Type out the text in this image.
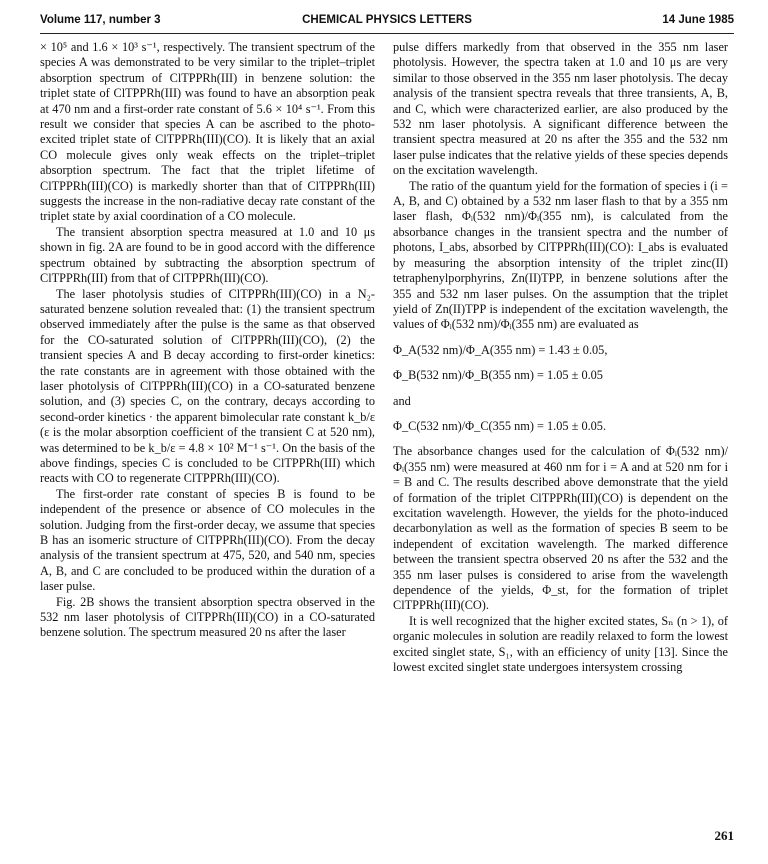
Volume 117, number 3	CHEMICAL PHYSICS LETTERS	14 June 1985

× 10⁵ and 1.6 × 10³ s⁻¹, respectively. The transient spectrum of the species A was demonstrated to be very similar to the triplet–triplet absorption spectrum of ClTPPRh(III) in benzene solution: the triplet state of ClTPPRh(III) was found to have an absorption peak at 470 nm and a first-order rate constant of 5.6 × 10⁴ s⁻¹. From this result we consider that species A can be ascribed to the photo-excited triplet state of ClTPPRh(III)(CO). It is likely that an axial CO molecule gives only weak effects on the triplet–triplet absorption spectrum. The fact that the triplet lifetime of ClTPPRh(III)(CO) is markedly shorter than that of ClTPPRh(III) suggests the increase in the non-radiative decay rate constant of the triplet state by axial coordination of a CO molecule.

The transient absorption spectra measured at 1.0 and 10 μs shown in fig. 2A are found to be in good accord with the difference spectrum obtained by subtracting the absorption spectrum of ClTPPRh(III) from that of ClTPPRh(III)(CO).

The laser photolysis studies of ClTPPRh(III)(CO) in a N₂-saturated benzene solution revealed that: (1) the transient spectrum observed immediately after the pulse is the same as that observed for the CO-saturated solution of ClTPPRh(III)(CO), (2) the transient species A and B decay according to first-order kinetics: the rate constants are in agreement with those obtained with the laser photolysis of ClTPPRh(III)(CO) in a CO-saturated benzene solution, and (3) species C, on the contrary, decays according to second-order kinetics · the apparent bimolecular rate constant k_b/ε (ε is the molar absorption coefficient of the transient C at 520 nm), was determined to be k_b/ε = 4.8 × 10² M⁻¹ s⁻¹. On the basis of the above findings, species C is concluded to be ClTPPRh(III) which reacts with CO to regenerate ClTPPRh(III)(CO).

The first-order rate constant of species B is found to be independent of the presence or absence of CO molecules in the solution. Judging from the first-order decay, we assume that species B has an isomeric structure of ClTPPRh(III)(CO). From the decay analysis of the transient spectrum at 475, 520, and 540 nm, species A, B, and C are concluded to be produced within the duration of a laser pulse.

Fig. 2B shows the transient absorption spectra observed in the 532 nm laser photolysis of ClTPPRh(III)(CO) in a CO-saturated benzene solution. The spectrum measured 20 ns after the laser

pulse differs markedly from that observed in the 355 nm laser photolysis. However, the spectra taken at 1.0 and 10 μs are very similar to those observed in the 355 nm laser photolysis. The decay analysis of the transient spectra reveals that three transients, A, B, and C, which were characterized earlier, are also produced by the 532 nm laser photolysis. A significant difference between the transient spectra measured at 20 ns after the 355 and the 532 nm laser pulse indicates that the relative yields of these species depends on the excitation wavelength.

The ratio of the quantum yield for the formation of species i (i = A, B, and C) obtained by a 532 nm laser flash to that by a 355 nm laser flash, Φᵢ(532 nm)/Φᵢ(355 nm), is calculated from the absorbance changes in the transient spectra and the number of photons, I_abs, absorbed by ClTPPRh(III)(CO): I_abs is evaluated by measuring the absorption intensity of the triplet zinc(II) tetraphenylporphyrins, Zn(II)TPP, in benzene solutions after the 355 and 532 nm laser pulses. On the assumption that the triplet yield of Zn(II)TPP is independent of the excitation wavelength, the values of Φᵢ(532 nm)/Φᵢ(355 nm) are evaluated as

Φ_A(532 nm)/Φ_A(355 nm) = 1.43 ± 0.05,
Φ_B(532 nm)/Φ_B(355 nm) = 1.05 ± 0.05
and
Φ_C(532 nm)/Φ_C(355 nm) = 1.05 ± 0.05.

The absorbance changes used for the calculation of Φᵢ(532 nm)/Φᵢ(355 nm) were measured at 460 nm for i = A and at 520 nm for i = B and C. The results described above demonstrate that the yield of formation of the triplet ClTPPRh(III)(CO) is dependent on the excitation wavelength. However, the yields for the photo-induced decarbonylation as well as the formation of species B seem to be independent of excitation wavelength. The marked difference between the transient spectra observed 20 ns after the 532 and the 355 nm laser pulses is considered to arise from the wavelength dependence of the yields, Φ_st, for the formation of triplet ClTPPRh(III)(CO).

It is well recognized that the higher excited states, Sₙ (n > 1), of organic molecules in solution are readily relaxed to form the lowest excited singlet state, S₁, with an efficiency of unity [13]. Since the lowest excited singlet state undergoes intersystem crossing

261
